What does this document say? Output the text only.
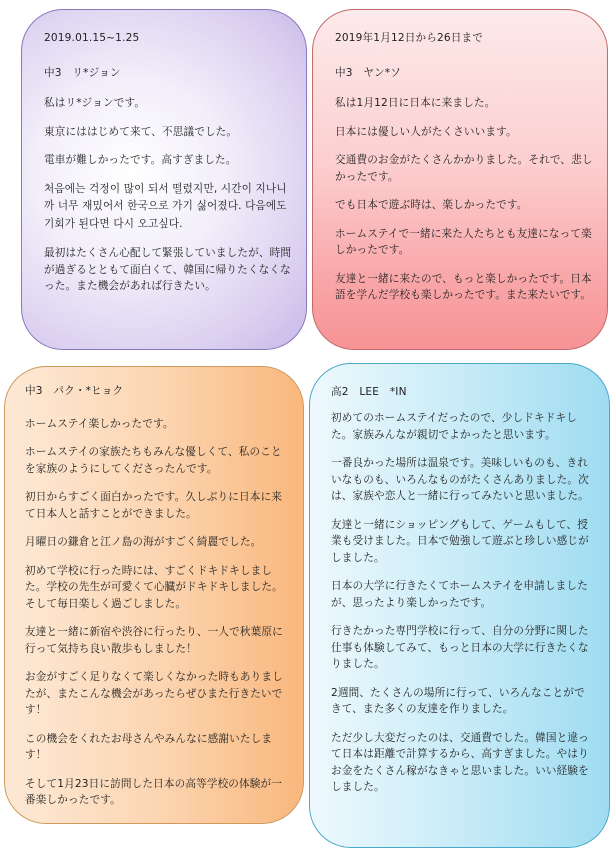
2019.01.15~1.25

中3　リ*ジョン

私はリ*ジョンです。

東京にははじめて来て、不思議でした。

電車が難しかったです。高すぎました。

처음에는 걱정이 많이 되서 떨렸지만, 시간이 지나니까 너무 재밌어서 한국으로 가기 싫어졌다. 다음에도 기회가 된다면 다시 오고싶다.

最初はたくさん心配して緊張していましたが、時間が過ぎるとともて面白くて、韓国に帰りたくなくなった。また機会があれば行きたい。

2019年1月12日から26日まで

中3　ヤン*ソ

私は1月12日に日本に来ました。

日本には優しい人がたくさいいます。

交通費のお金がたくさんかかりました。それで、悲しかったです。

でも日本で遊ぶ時は、楽しかったです。

ホームステイで一緒に来た人たちとも友達になって楽しかったです。

友達と一緒に来たので、もっと楽しかったです。日本語を学んだ学校も楽しかったです。また来たいです。

中3　パク・*ヒョク

ホームステイ楽しかったです。

ホームステイの家族たちもみんな優しくて、私のことを家族のようにしてくださったんです。

初日からすごく面白かったです。久しぶりに日本に来て日本人と話すことができました。

月曜日の鎌倉と江ノ島の海がすごく綺麗でした。

初めて学校に行った時には、すごくドキドキしました。学校の先生が可愛くて心臓がドキドキしました。そして毎日楽しく過ごしました。

友達と一緒に新宿や渋谷に行ったり、一人で秋葉原に行って気持ち良い散歩もしました！

お金がすごく足りなくて楽しくなかった時もありましたが、またこんな機会があったらぜひまた行きたいです！

この機会をくれたお母さんやみんなに感謝いたします！

そして1月23日に訪問した日本の高等学校の体験が一番楽しかったです。

高2　LEE　*IN

初めてのホームステイだったので、少しドキドキした。家族みんなが親切でよかったと思います。

一番良かった場所は温泉です。美味しいものも、きれいなものも、いろんなものがたくさんありました。次は、家族や恋人と一緒に行ってみたいと思いました。

友達と一緒にショッピングもして、ゲームもして、授業も受けました。日本で勉強して遊ぶと珍しい感じがしました。

日本の大学に行きたくてホームステイを申請しましたが、思ったより楽しかったです。

行きたかった専門学校に行って、自分の分野に関した仕事も体験してみて、もっと日本の大学に行きたくなりました。

2週間、たくさんの場所に行って、いろんなことができて、また多くの友達を作りました。

ただ少し大変だったのは、交通費でした。韓国と違って日本は距離で計算するから、高すぎました。やはりお金をたくさん稼がなきゃと思いました。いい経験をしました。
